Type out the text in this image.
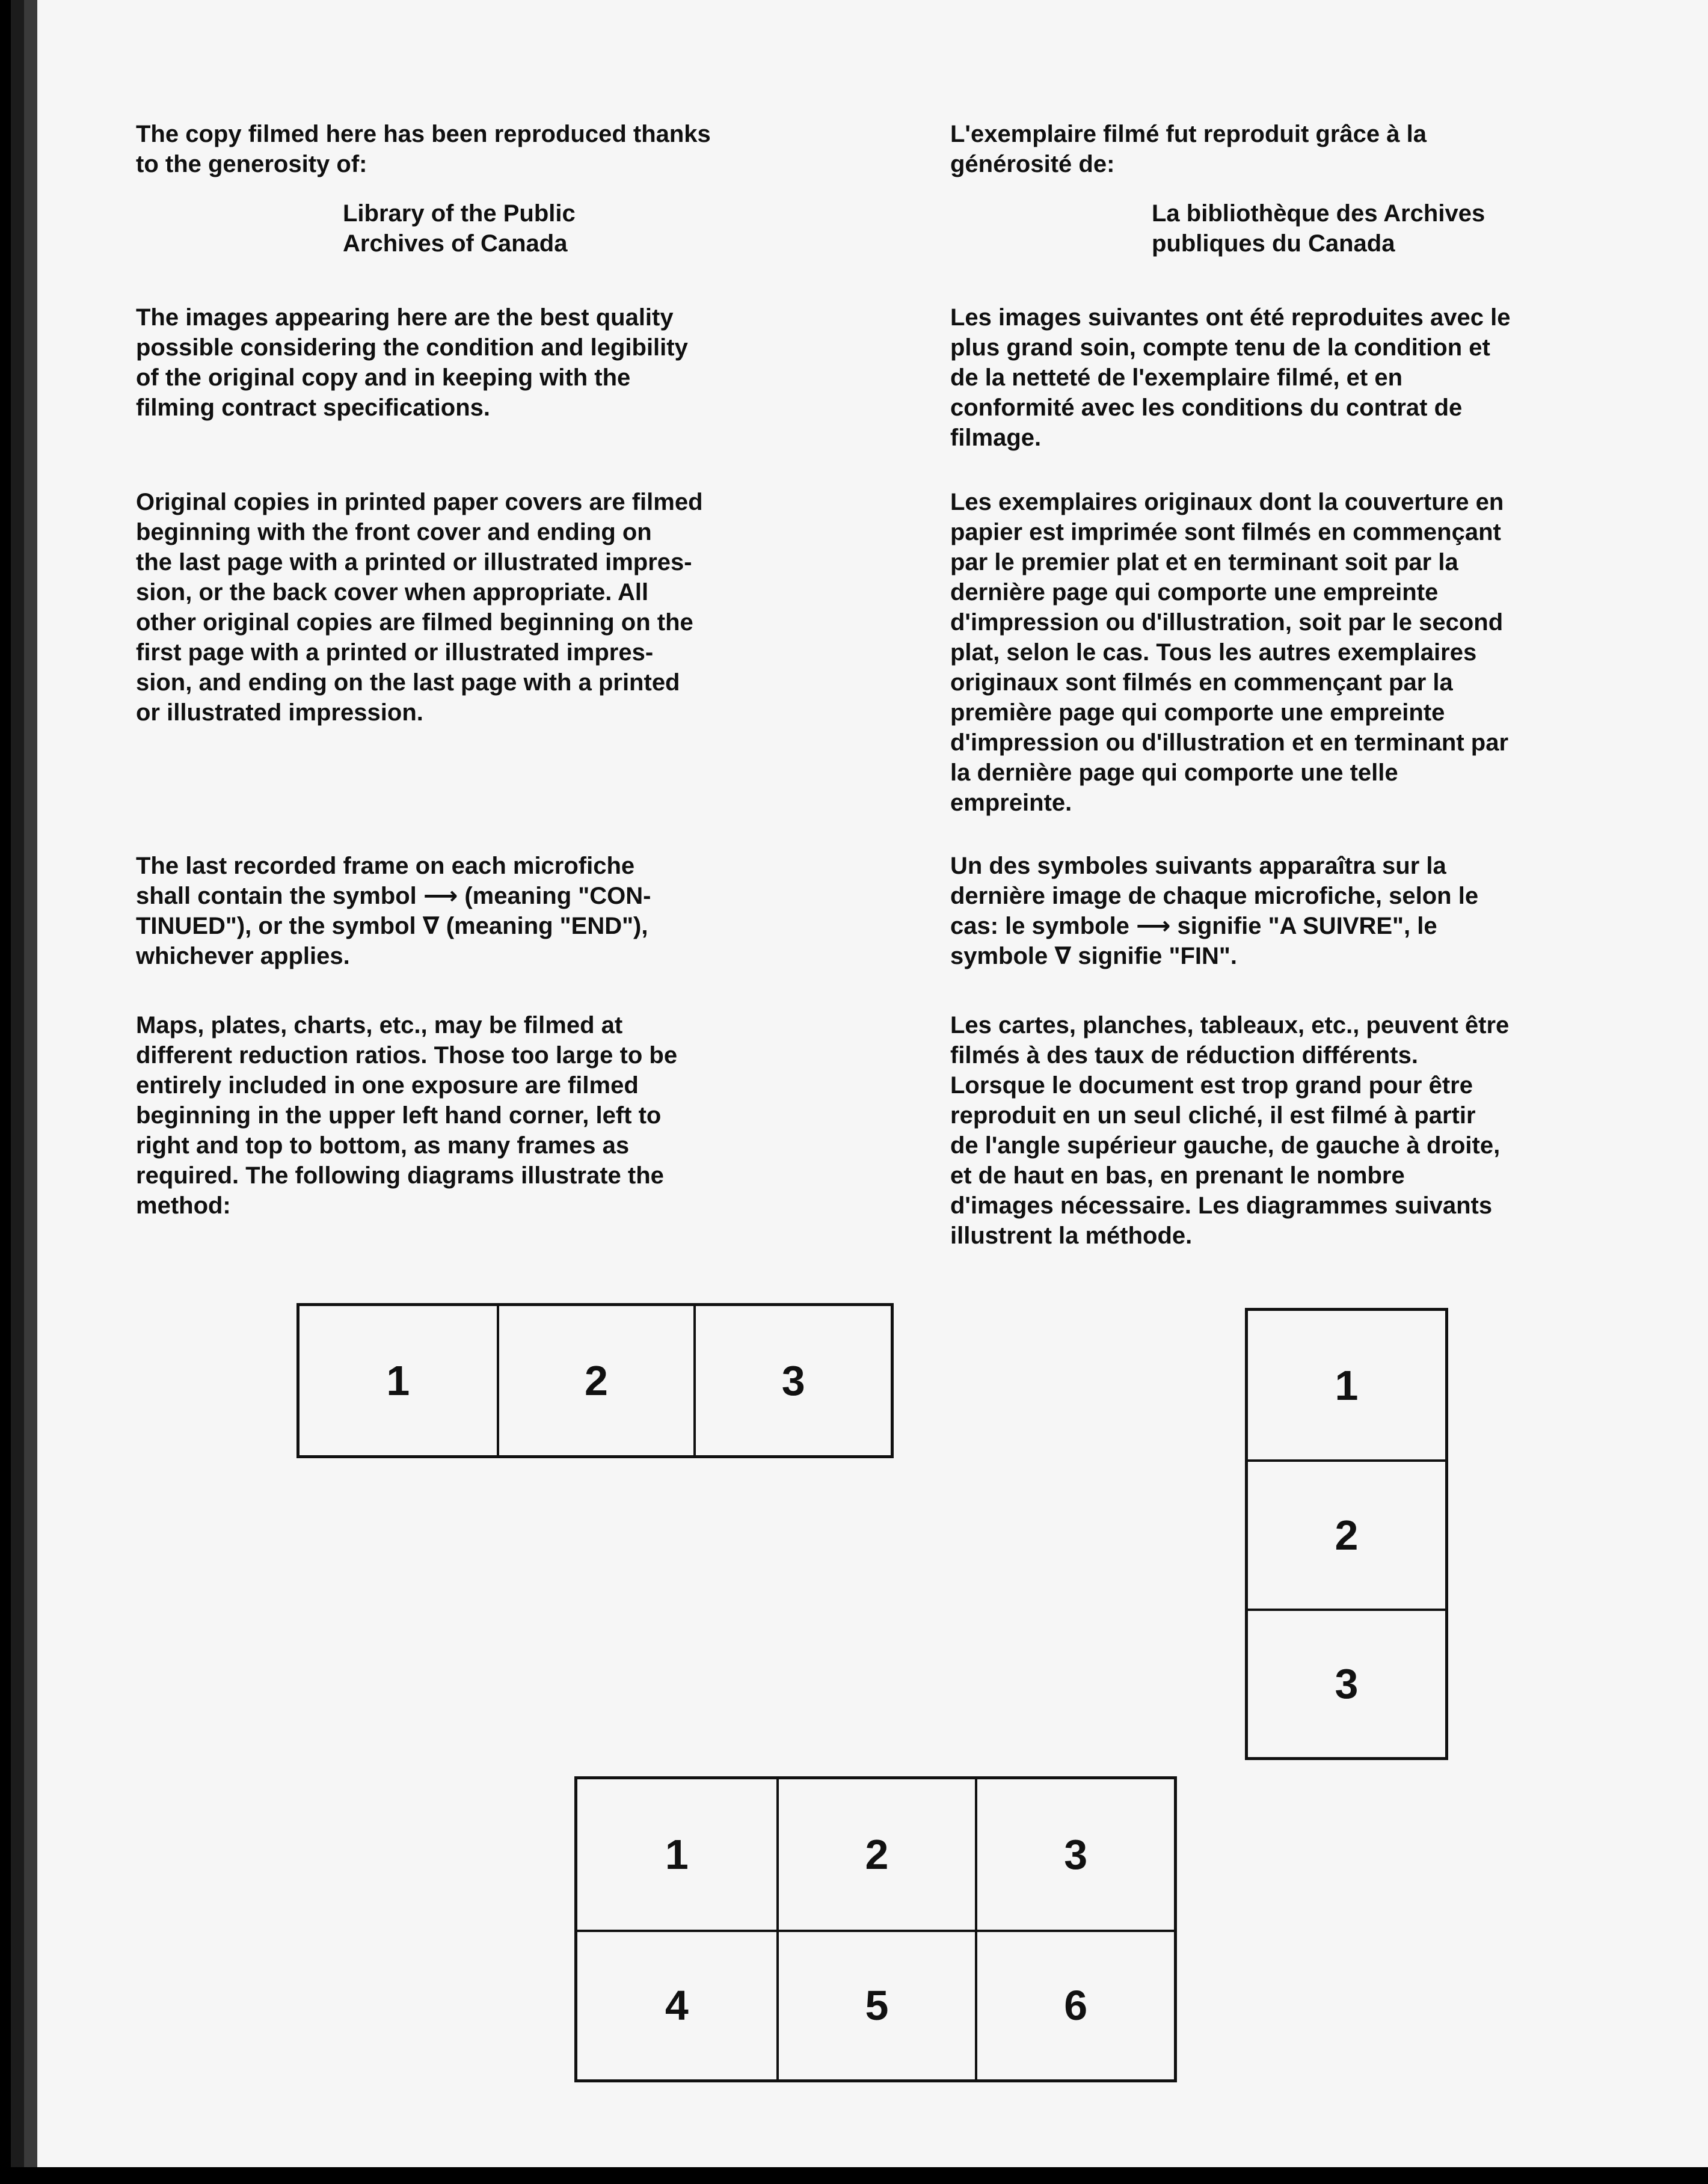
The copy filmed here has been reproduced thanks
to the generosity of:

Library of the Public
Archives of Canada

The images appearing here are the best quality
possible considering the condition and legibility
of the original copy and in keeping with the
filming contract specifications.

Original copies in printed paper covers are filmed
beginning with the front cover and ending on
the last page with a printed or illustrated impres-
sion, or the back cover when appropriate. All
other original copies are filmed beginning on the
first page with a printed or illustrated impres-
sion, and ending on the last page with a printed
or illustrated impression.

The last recorded frame on each microfiche
shall contain the symbol ⟶ (meaning "CON-
TINUED"), or the symbol ∇ (meaning "END"),
whichever applies.

Maps, plates, charts, etc., may be filmed at
different reduction ratios. Those too large to be
entirely included in one exposure are filmed
beginning in the upper left hand corner, left to
right and top to bottom, as many frames as
required. The following diagrams illustrate the
method:

L'exemplaire filmé fut reproduit grâce à la
générosité de:

La bibliothèque des Archives
publiques du Canada

Les images suivantes ont été reproduites avec le
plus grand soin, compte tenu de la condition et
de la netteté de l'exemplaire filmé, et en
conformité avec les conditions du contrat de
filmage.

Les exemplaires originaux dont la couverture en
papier est imprimée sont filmés en commençant
par le premier plat et en terminant soit par la
dernière page qui comporte une empreinte
d'impression ou d'illustration, soit par le second
plat, selon le cas. Tous les autres exemplaires
originaux sont filmés en commençant par la
première page qui comporte une empreinte
d'impression ou d'illustration et en terminant par
la dernière page qui comporte une telle
empreinte.

Un des symboles suivants apparaîtra sur la
dernière image de chaque microfiche, selon le
cas: le symbole ⟶ signifie "A SUIVRE", le
symbole ∇ signifie "FIN".

Les cartes, planches, tableaux, etc., peuvent être
filmés à des taux de réduction différents.
Lorsque le document est trop grand pour être
reproduit en un seul cliché, il est filmé à partir
de l'angle supérieur gauche, de gauche à droite,
et de haut en bas, en prenant le nombre
d'images nécessaire. Les diagrammes suivants
illustrent la méthode.

1	2	3	1
2
3
1	2	3
4	5	6
